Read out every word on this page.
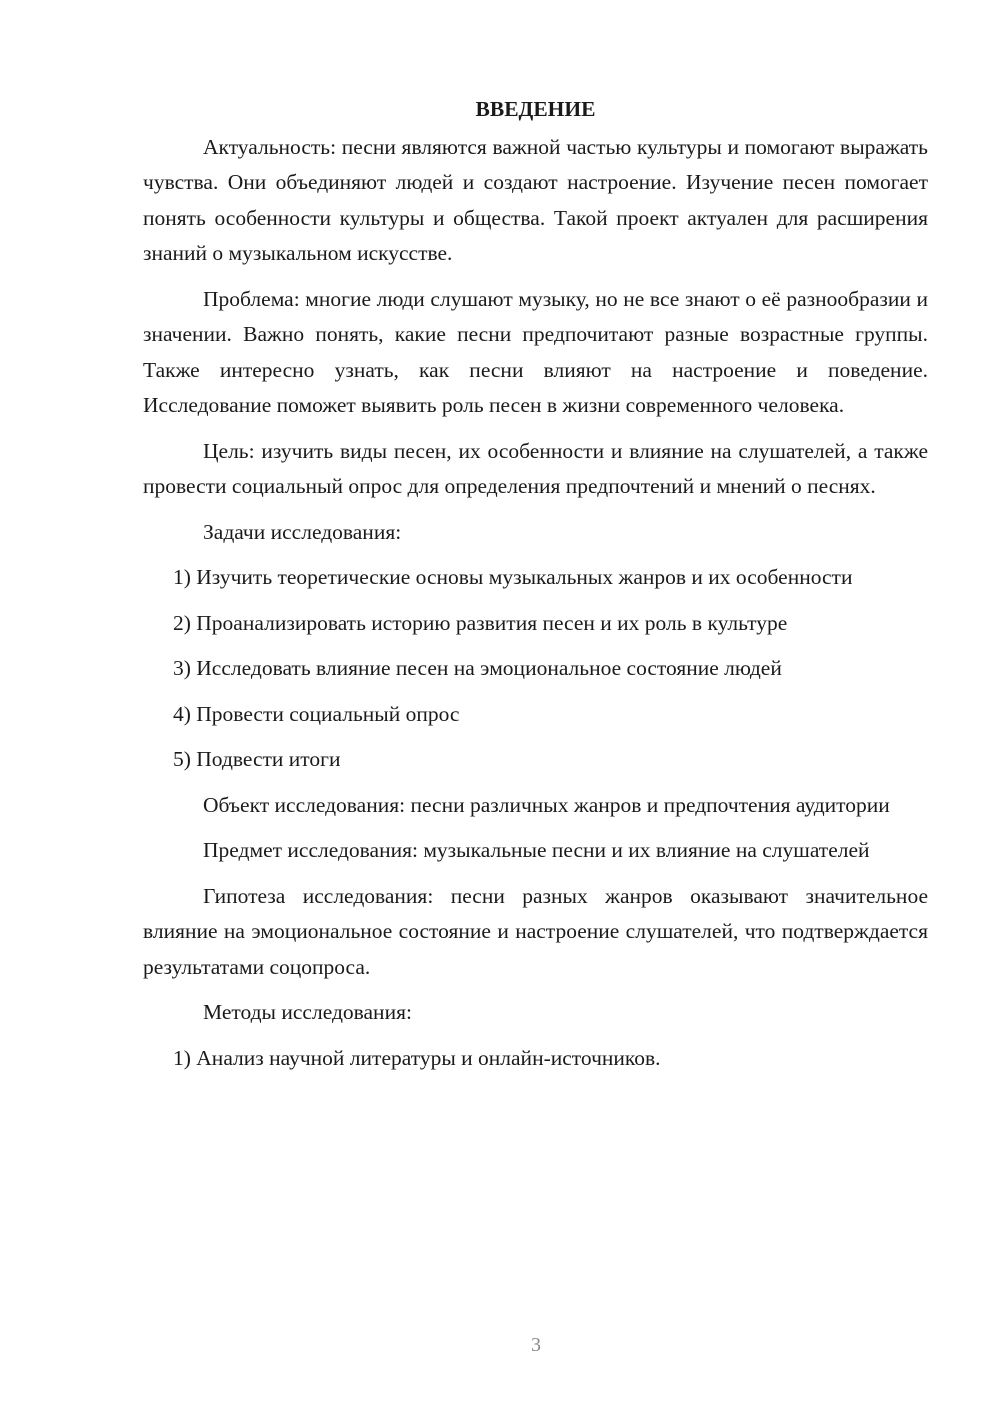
ВВЕДЕНИЕ

Актуальность: песни являются важной частью культуры и помогают выражать чувства. Они объединяют людей и создают настроение. Изучение песен помогает понять особенности культуры и общества. Такой проект актуален для расширения знаний о музыкальном искусстве.

Проблема: многие люди слушают музыку, но не все знают о её разнообразии и значении. Важно понять, какие песни предпочитают разные возрастные группы. Также интересно узнать, как песни влияют на настроение и поведение. Исследование поможет выявить роль песен в жизни современного человека.

Цель: изучить виды песен, их особенности и влияние на слушателей, а также провести социальный опрос для определения предпочтений и мнений о песнях.

Задачи исследования:

1) Изучить теоретические основы музыкальных жанров и их особенности

2) Проанализировать историю развития песен и их роль в культуре

3) Исследовать влияние песен на эмоциональное состояние людей

4) Провести социальный опрос

5) Подвести итоги

Объект исследования: песни различных жанров и предпочтения аудитории

Предмет исследования: музыкальные песни и их влияние на слушателей

Гипотеза исследования: песни разных жанров оказывают значительное влияние на эмоциональное состояние и настроение слушателей, что подтверждается результатами соцопроса.

Методы исследования:

1) Анализ научной литературы и онлайн-источников.

3
